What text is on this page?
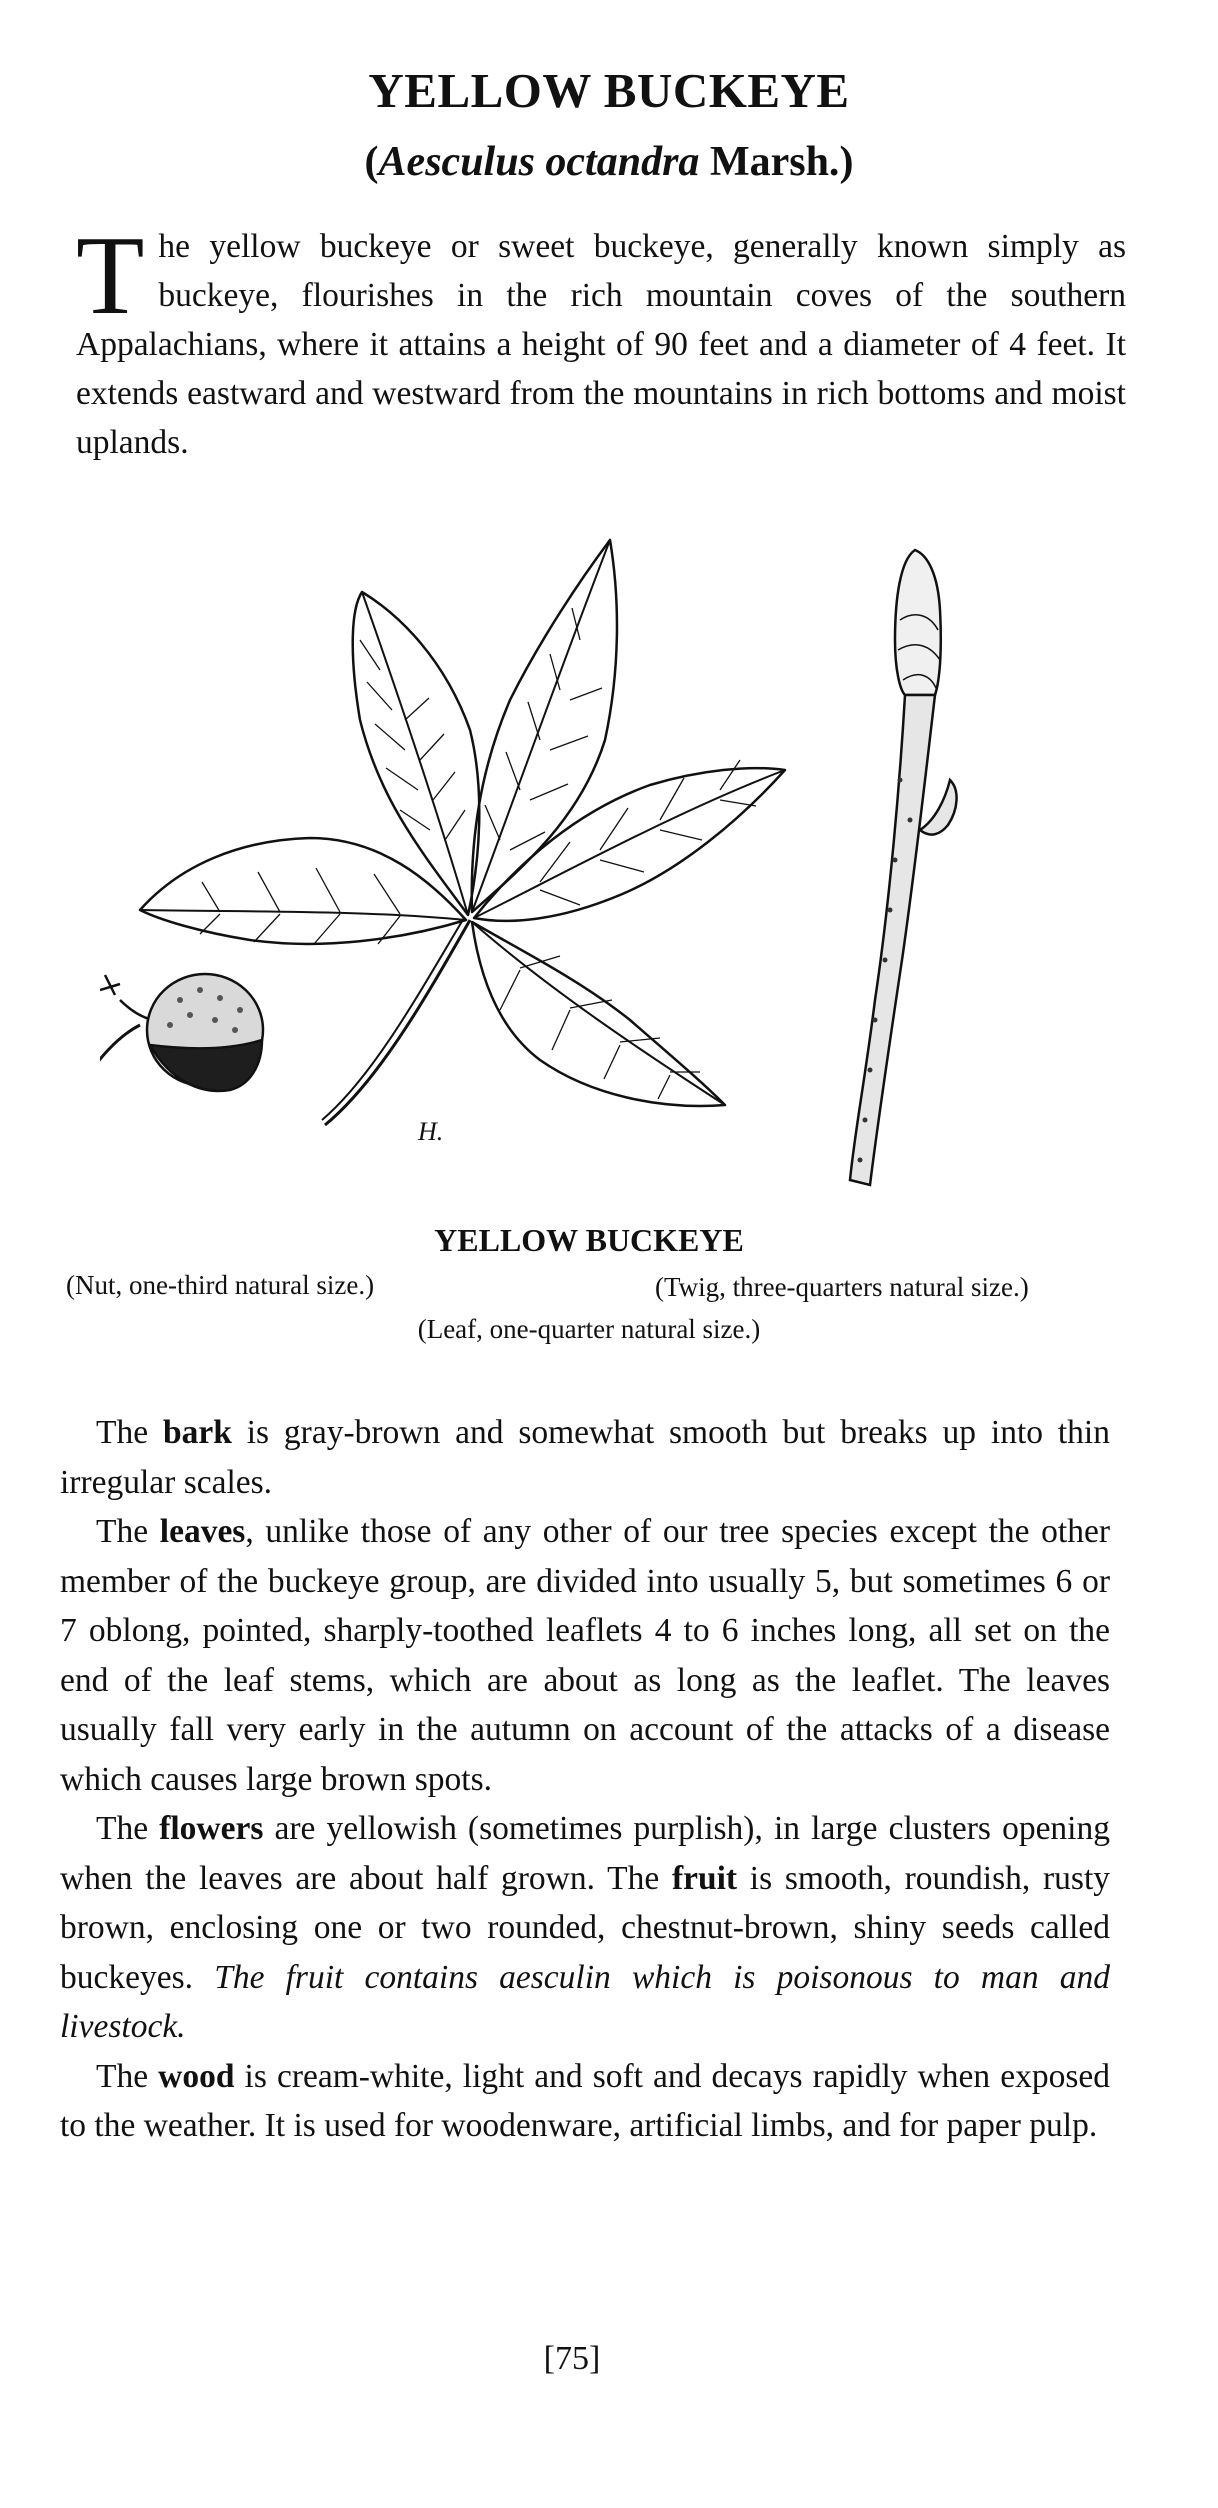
YELLOW BUCKEYE
(Aesculus octandra Marsh.)

The yellow buckeye or sweet buckeye, generally known simply as buckeye, flourishes in the rich mountain coves of the southern Appalachians, where it attains a height of 90 feet and a diameter of 4 feet. It extends eastward and westward from the mountains in rich bottoms and moist uplands.

H.

YELLOW BUCKEYE

(Nut, one-third natural size.)	(Twig, three-quarters natural size.)

(Leaf, one-quarter natural size.)

The bark is gray-brown and somewhat smooth but breaks up into thin irregular scales.

The leaves, unlike those of any other of our tree species except the other member of the buckeye group, are divided into usually 5, but sometimes 6 or 7 oblong, pointed, sharply-toothed leaflets 4 to 6 inches long, all set on the end of the leaf stems, which are about as long as the leaflet. The leaves usually fall very early in the autumn on account of the attacks of a disease which causes large brown spots.

The flowers are yellowish (sometimes purplish), in large clusters opening when the leaves are about half grown. The fruit is smooth, roundish, rusty brown, enclosing one or two rounded, chestnut-brown, shiny seeds called buckeyes. The fruit contains aesculin which is poisonous to man and livestock.

The wood is cream-white, light and soft and decays rapidly when exposed to the weather. It is used for woodenware, artificial limbs, and for paper pulp.

[75]
